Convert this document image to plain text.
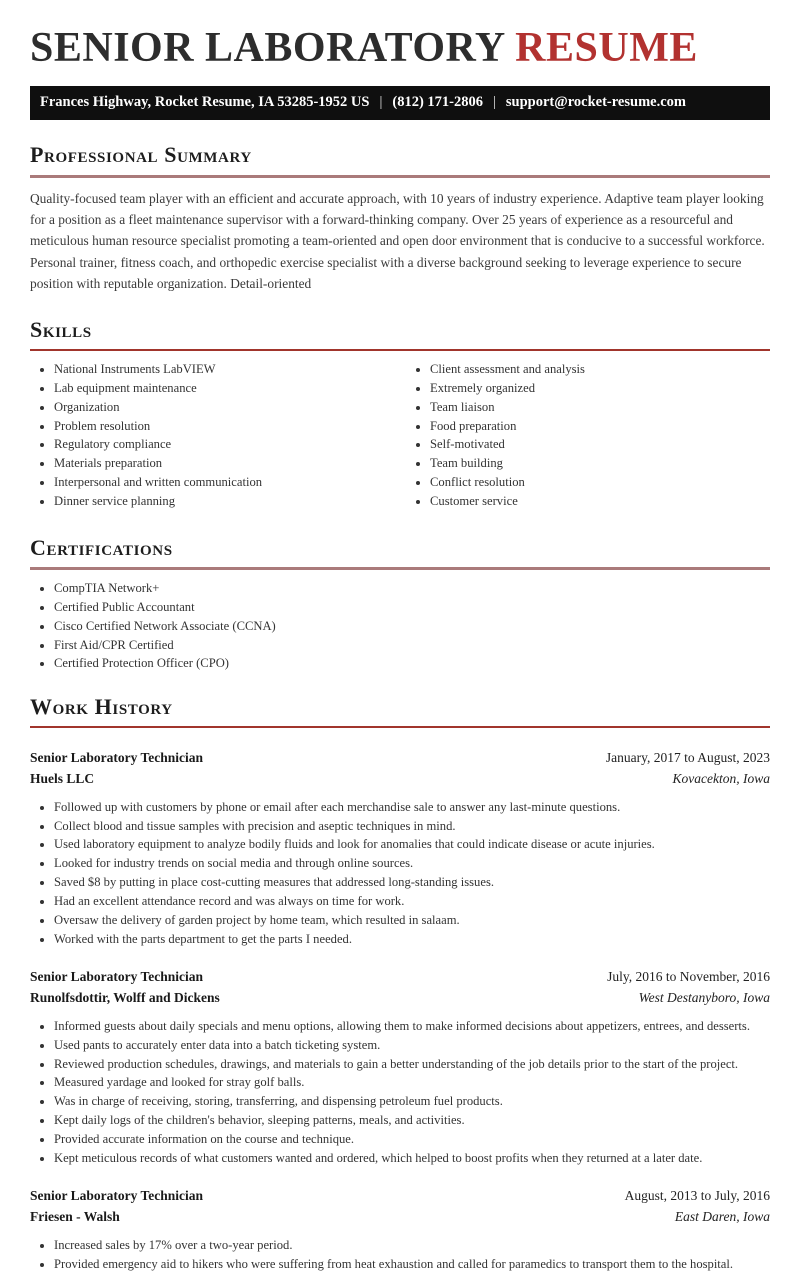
SENIOR LABORATORY RESUME
Frances Highway, Rocket Resume, IA 53285-1952 US | (812) 171-2806 | support@rocket-resume.com
Professional Summary

Quality-focused team player with an efficient and accurate approach, with 10 years of industry experience. Adaptive team player looking for a position as a fleet maintenance supervisor with a forward-thinking company. Over 25 years of experience as a resourceful and meticulous human resource specialist promoting a team-oriented and open door environment that is conducive to a successful workforce. Personal trainer, fitness coach, and orthopedic exercise specialist with a diverse background seeking to leverage experience to secure position with reputable organization. Detail-oriented

Skills
• National Instruments LabVIEW
• Lab equipment maintenance
• Organization
• Problem resolution
• Regulatory compliance
• Materials preparation
• Interpersonal and written communication
• Dinner service planning
• Client assessment and analysis
• Extremely organized
• Team liaison
• Food preparation
• Self-motivated
• Team building
• Conflict resolution
• Customer service
Certifications
• CompTIA Network+
• Certified Public Accountant
• Cisco Certified Network Associate (CCNA)
• First Aid/CPR Certified
• Certified Protection Officer (CPO)
Work History
Senior Laboratory Technician	January, 2017 to August, 2023
Huels LLC	Kovacekton, Iowa
• Followed up with customers by phone or email after each merchandise sale to answer any last-minute questions.
• Collect blood and tissue samples with precision and aseptic techniques in mind.
• Used laboratory equipment to analyze bodily fluids and look for anomalies that could indicate disease or acute injuries.
• Looked for industry trends on social media and through online sources.
• Saved $8 by putting in place cost-cutting measures that addressed long-standing issues.
• Had an excellent attendance record and was always on time for work.
• Oversaw the delivery of garden project by home team, which resulted in salaam.
• Worked with the parts department to get the parts I needed.
Senior Laboratory Technician	July, 2016 to November, 2016
Runolfsdottir, Wolff and Dickens	West Destanyboro, Iowa
• Informed guests about daily specials and menu options, allowing them to make informed decisions about appetizers, entrees, and desserts.
• Used pants to accurately enter data into a batch ticketing system.
• Reviewed production schedules, drawings, and materials to gain a better understanding of the job details prior to the start of the project.
• Measured yardage and looked for stray golf balls.
• Was in charge of receiving, storing, transferring, and dispensing petroleum fuel products.
• Kept daily logs of the children's behavior, sleeping patterns, meals, and activities.
• Provided accurate information on the course and technique.
• Kept meticulous records of what customers wanted and ordered, which helped to boost profits when they returned at a later date.
Senior Laboratory Technician	August, 2013 to July, 2016
Friesen - Walsh	East Daren, Iowa
• Increased sales by 17% over a two-year period.
• Provided emergency aid to hikers who were suffering from heat exhaustion and called for paramedics to transport them to the hospital.
